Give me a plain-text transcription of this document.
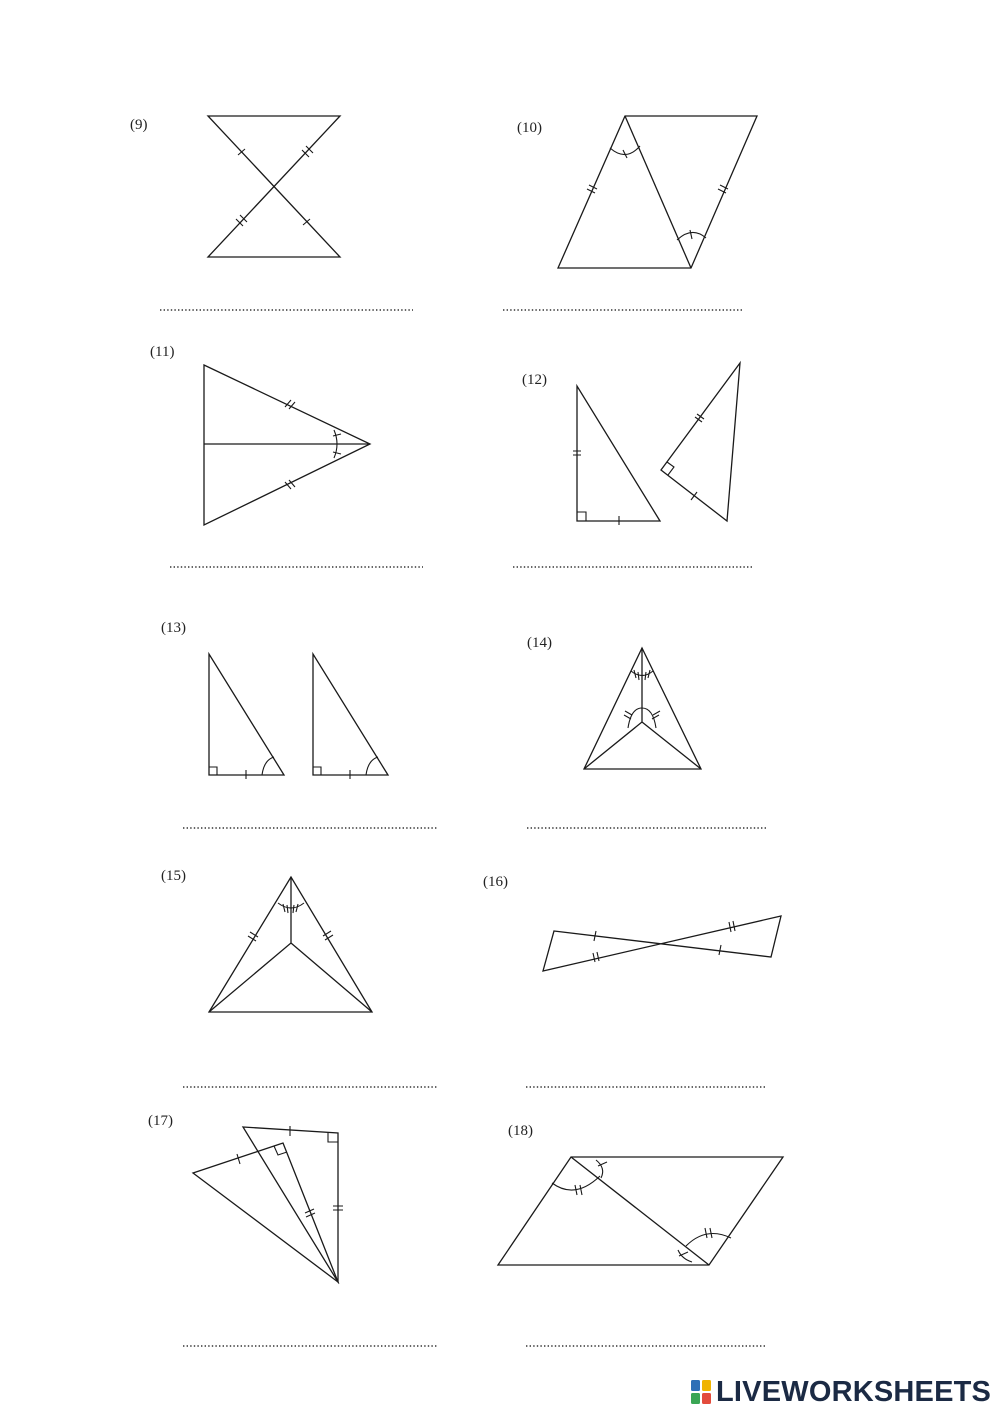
(9)	(10)
(11)
(12)
(13)
(14)
(15)	(16)
(17)
(18)
LIVEWORKSHEETS
